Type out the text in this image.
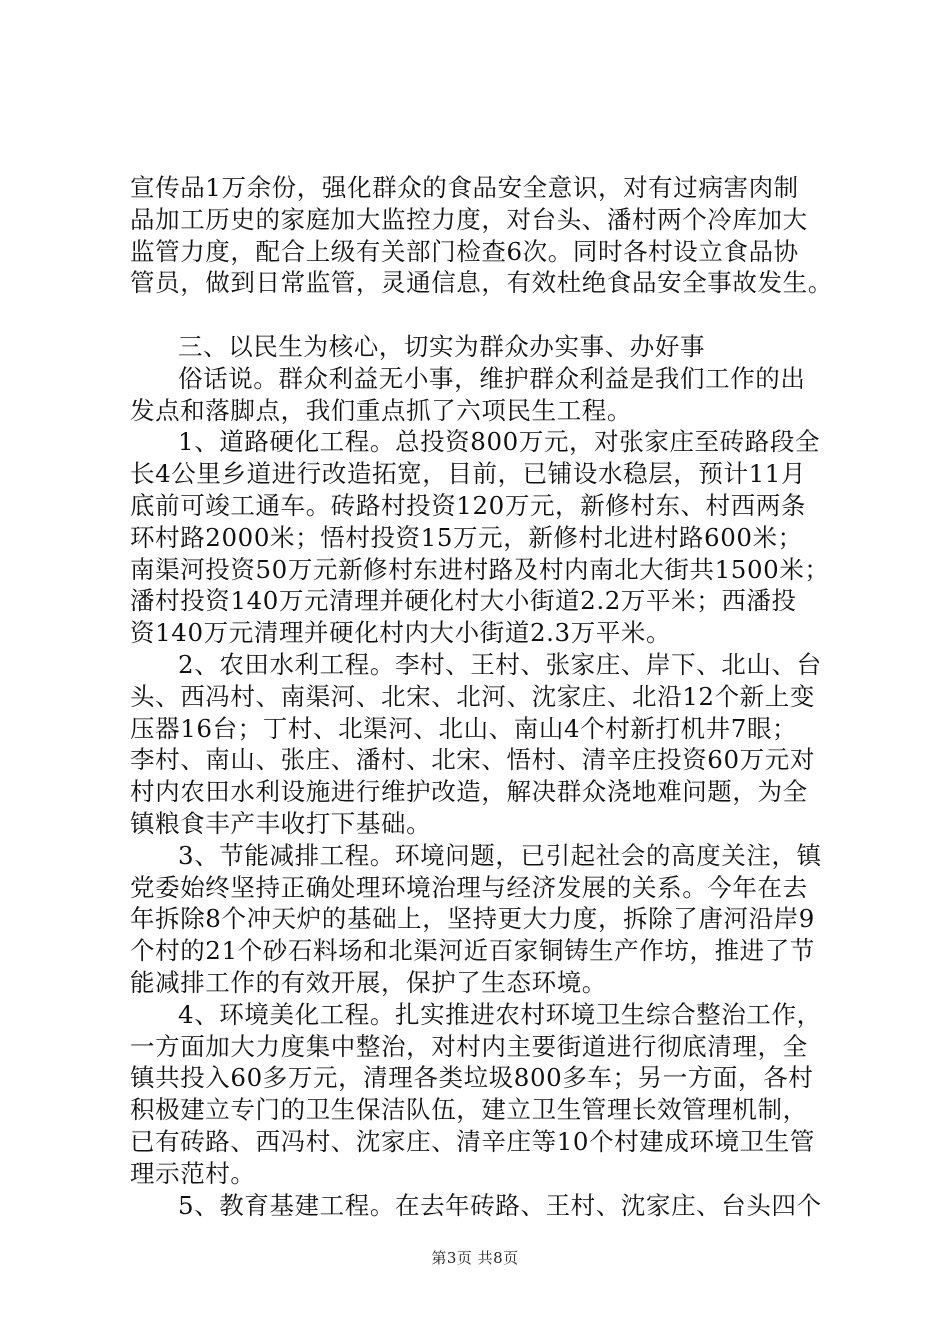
宣传品1万余份，强化群众的食品安全意识，对有过病害肉制
品加工历史的家庭加大监控力度，对台头、潘村两个冷库加大
监管力度，配合上级有关部门检查6次。同时各村设立食品协
管员，做到日常监管，灵通信息，有效杜绝食品安全事故发生。
三、以民生为核心，切实为群众办实事、办好事
俗话说。群众利益无小事，维护群众利益是我们工作的出
发点和落脚点，我们重点抓了六项民生工程。
1、道路硬化工程。总投资800万元，对张家庄至砖路段全
长4公里乡道进行改造拓宽，目前，已铺设水稳层，预计11月
底前可竣工通车。砖路村投资120万元，新修村东、村西两条
环村路2000米；悟村投资15万元，新修村北进村路600米；
南渠河投资50万元新修村东进村路及村内南北大街共1500米；
潘村投资140万元清理并硬化村大小街道2.2万平米；西潘投
资140万元清理并硬化村内大小街道2.3万平米。
2、农田水利工程。李村、王村、张家庄、岸下、北山、台
头、西冯村、南渠河、北宋、北河、沈家庄、北沿12个新上变
压器16台；丁村、北渠河、北山、南山4个村新打机井7眼；
李村、南山、张庄、潘村、北宋、悟村、清辛庄投资60万元对
村内农田水利设施进行维护改造，解决群众浇地难问题，为全
镇粮食丰产丰收打下基础。
3、节能减排工程。环境问题，已引起社会的高度关注，镇
党委始终坚持正确处理环境治理与经济发展的关系。今年在去
年拆除8个冲天炉的基础上，坚持更大力度，拆除了唐河沿岸9
个村的21个砂石料场和北渠河近百家铜铸生产作坊，推进了节
能减排工作的有效开展，保护了生态环境。
4、环境美化工程。扎实推进农村环境卫生综合整治工作，
一方面加大力度集中整治，对村内主要街道进行彻底清理，全
镇共投入60多万元，清理各类垃圾800多车；另一方面，各村
积极建立专门的卫生保洁队伍，建立卫生管理长效管理机制，
已有砖路、西冯村、沈家庄、清辛庄等10个村建成环境卫生管
理示范村。
5、教育基建工程。在去年砖路、王村、沈家庄、台头四个
第3页 共8页
